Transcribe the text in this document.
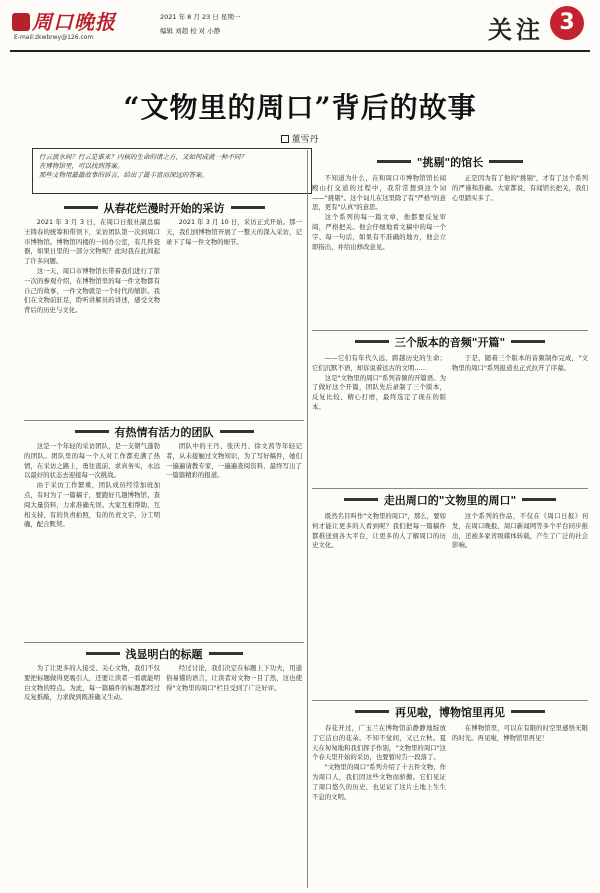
周口晚报
E-mail:zkwbrwy@126.com
2021 年 8 月 23 日 星期一
编辑 刘超 校 对 小静	关注 3
“文物里的周口”背后的故事
董雪丹

行云流水间？行云是谁来？内核的生命的诸之方，又如何成就一种不同？

在博物馆里，可以找到答案。

那些文物用最最故事的诉言，给出了最丰富而深远的答案。

从春花烂漫时开始的采访

2021 年 3 月 3 日，在周口日报社副总编王铸春的统筹和带领下，采访团队第一次到周口市博物馆。博物馆四楼的一间办公室，有几件瓷器，如果日里的一部分文物呢？此时我在此间起了许多问题。

这一天，周口市博物馆长带着我们进行了第一次的参观介绍，在博物馆里的每一件文物都有自己的故事，一件文物就是一个时代的缩影。我们在文物前驻足，聆听讲解员的讲述，感受文物背后的历史与文化。

2021 年 3 月 10 日，采访正式开始。那一天，我们到博物馆开展了一整天的深入采访，记录下了每一件文物的细节。

有热情有活力的团队

这是一个年轻的采访团队，是一支朝气蓬勃的团队。团队里的每一个人对工作都充满了热情，在采访之路上，勇往直前、求真务实，永远以最好的状态去迎接每一次挑战。

由于采访工作繁重，团队成员经常加班加点，有时为了一篇稿子，要跑好几趟博物馆，查阅大量资料，力求准确无误。大家互相帮助、互相支持，有的负责拍照，有的负责文字，分工明确，配合默契。

团队中的王丹、张庆丹、徐文茜等年轻记者，从未接触过文物知识，为了写好稿件，她们一遍遍请教专家，一遍遍查阅资料，最终写出了一篇篇精彩的报道。

浅显明白的标题

为了让更多的人接受、关心文物，我们不仅要把标题做得更吸引人，还要让读者一看就能明白文物的特点。为此，每一篇稿件的标题都经过反复推敲，力求做到既准确又生动。

经过讨论，我们决定在标题上下功夫，用通俗易懂的语言，让读者对文物一目了然，这也使得"文物里的周口"栏目受到了广泛好评。

"挑剔"的馆长

不知道为什么，在和周口市博物馆馆长闻殿山打交道的过程中，我常常想到这个词——"挑剔"。这个词儿在这里除了有"严格"的意思，更有"认真"的意思。

这个系列的每一篇文章，他都要反复审阅，严格把关。他会仔细地看文稿中的每一个字、每一句话，如果有不准确的地方，他会立即指出，并给出修改意见。

正是因为有了他的"挑剔"，才有了这个系列的严谨和准确。大家都说，有闻馆长把关，我们心里踏实多了。

三个版本的音频"开篇"

——它们有年代久远、跨越历史的生命；它们沉默不语，却诉说着远古的文明……

这是"文物里的周口"系列音频的开篇语。为了做好这个开篇，团队先后录制了三个版本，反复比较、精心打磨，最终选定了现在的版本。

于是，随着三个版本的音频制作完成，"文物里的周口"系列报道也正式拉开了序幕。

走出周口的"文物里的周口"

既然名目叫作"文物里的周口"，那么，要如何才能让更多的人看到呢？我们把每一篇稿件都推送到各大平台，让更多的人了解周口的历史文化。

这个系列的作品，不仅在《周口日报》刊发，在周口晚报、周口新闻网等多个平台同步推出，还被多家省级媒体转载，产生了广泛的社会影响。

再见啦，博物馆里再见

春花开过，广玉兰在博物馆前静静地绽放了它洁白的花朵。不知不觉间，又已立秋。夏天在匆匆地和我们挥手作别，"文物里的周口"这个春天里开始的采访，也要暂时告一段落了。

"文物里的周口"系列介绍了十五件文物，作为周口人，我们因这些文物而骄傲。它们见证了周口悠久的历史，也见证了这片土地上生生不息的文明。

在博物馆里，可以在有限的时空里感悟无限的时光。再见啦，博物馆里再见！
